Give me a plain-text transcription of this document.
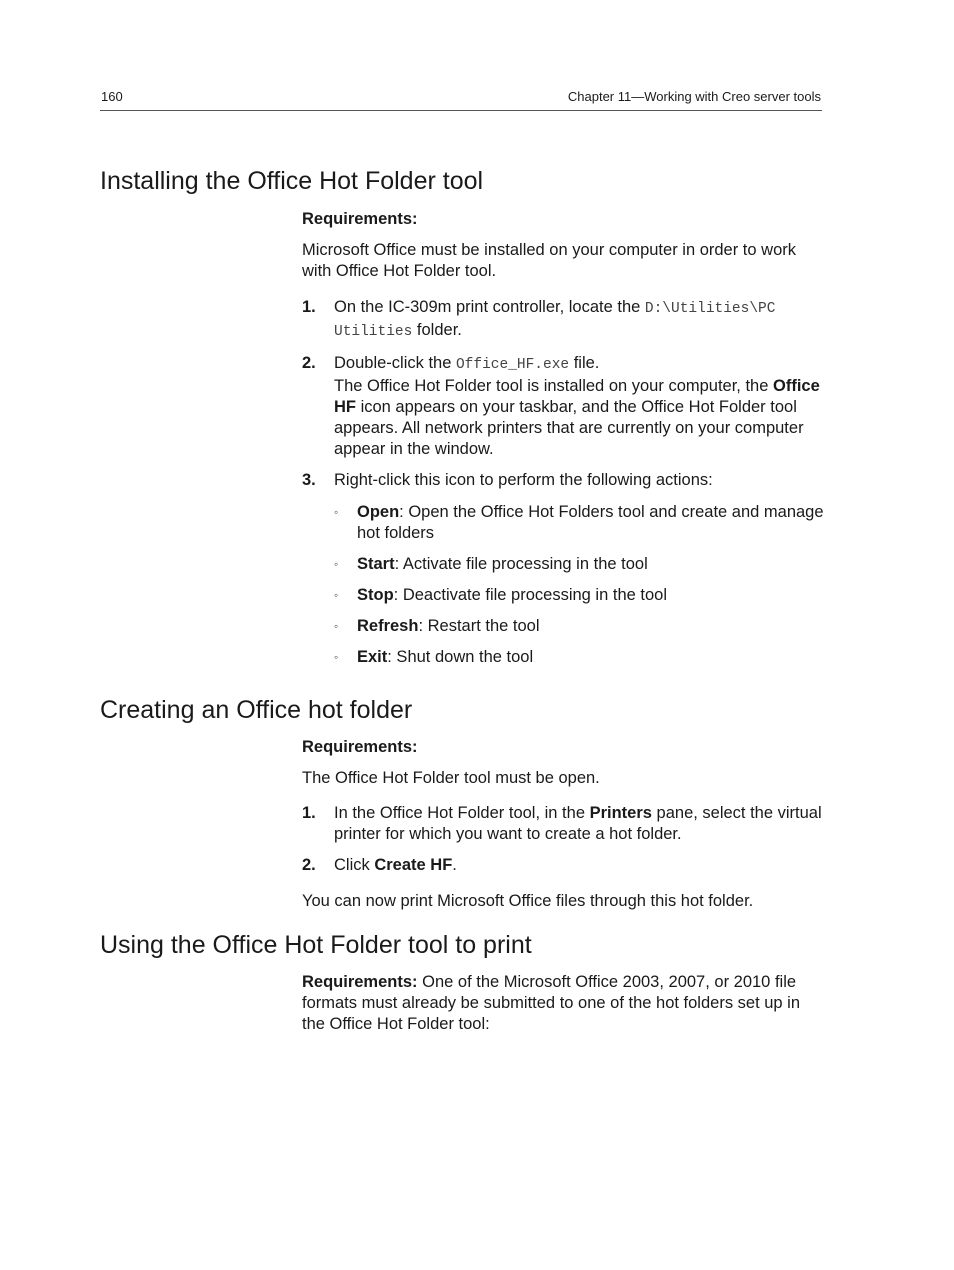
160	Chapter 11—Working with Creo server tools
Installing the Office Hot Folder tool

Requirements:

Microsoft Office must be installed on your computer in order to work with Office Hot Folder tool.

1. On the IC-309m print controller, locate the D:\Utilities\PC Utilities folder.
2. Double-click the Office_HF.exe file.
The Office Hot Folder tool is installed on your computer, the Office HF icon appears on your taskbar, and the Office Hot Folder tool appears. All network printers that are currently on your computer appear in the window.
3. Right-click this icon to perform the following actions:
◦ Open: Open the Office Hot Folders tool and create and manage hot folders
◦ Start: Activate file processing in the tool
◦ Stop: Deactivate file processing in the tool
◦ Refresh: Restart the tool
◦ Exit: Shut down the tool
Creating an Office hot folder

Requirements:

The Office Hot Folder tool must be open.

1. In the Office Hot Folder tool, in the Printers pane, select the virtual printer for which you want to create a hot folder.
2. Click Create HF.

You can now print Microsoft Office files through this hot folder.

Using the Office Hot Folder tool to print

Requirements: One of the Microsoft Office 2003, 2007, or 2010 file formats must already be submitted to one of the hot folders set up in the Office Hot Folder tool:
